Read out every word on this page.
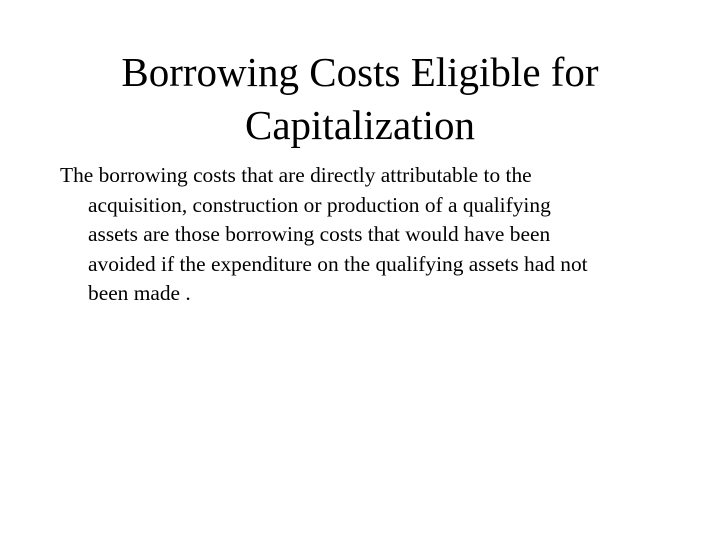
Borrowing Costs Eligible for
Capitalization

The borrowing costs that are directly attributable to the
acquisition, construction or production of a qualifying
assets are those borrowing costs that would have been
avoided if the expenditure on the qualifying assets had not
been made .
